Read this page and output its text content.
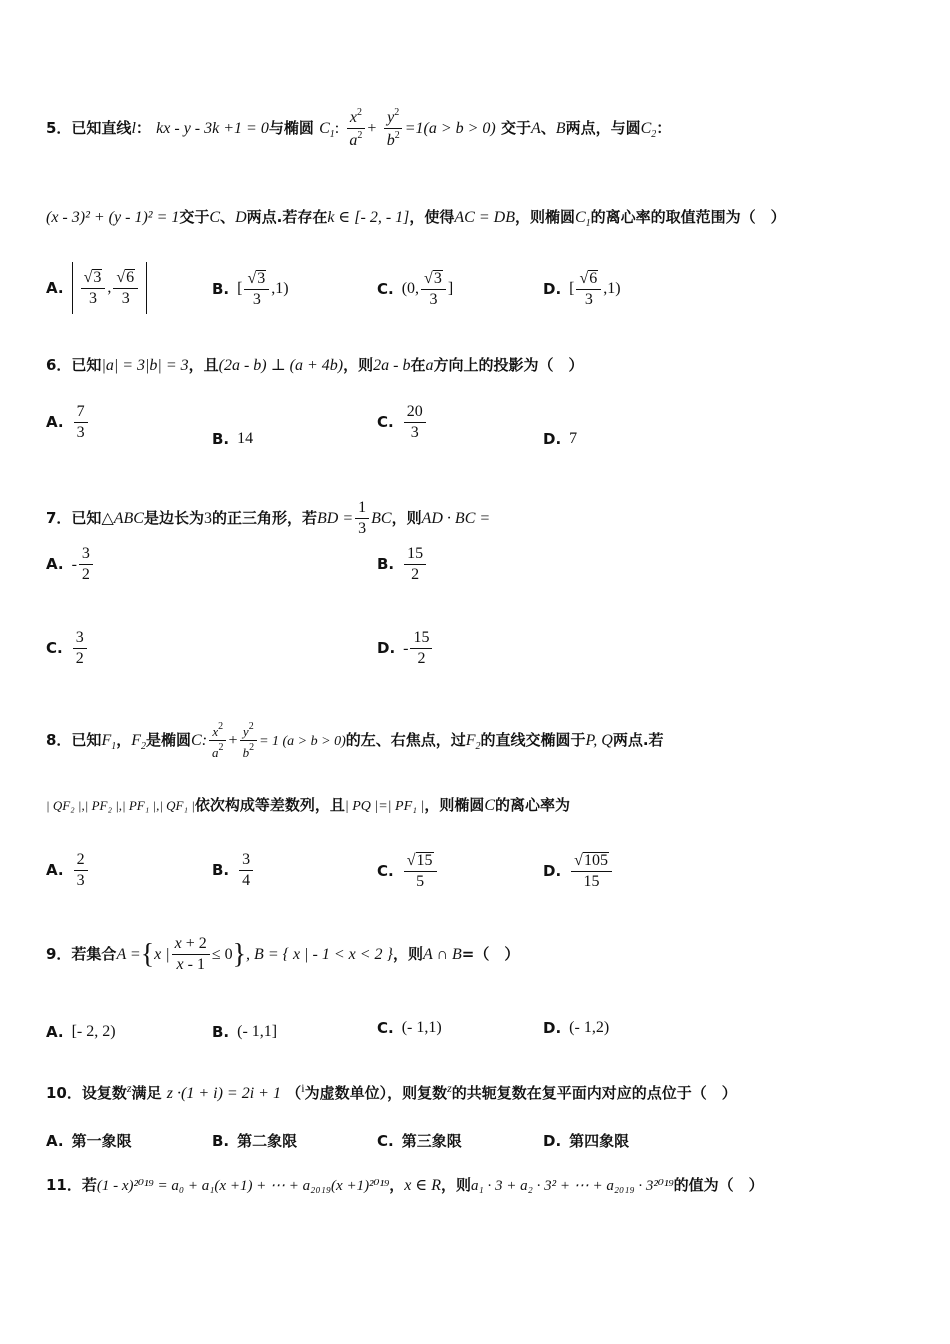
5．已知直线l： kx - y - 3k +1 = 0与椭圆 $C_1$: $\frac{x^2}{a^2} + \frac{y^2}{b^2} =1(a > b > 0)$ 交于A、B两点，与圆$C_2$：
(x - 3)² + (y - 1)² = 1交于C、D两点.若存在k ∈ [- 2, - 1]，使得AC = DB，则椭圆$C_1$的离心率的取值范围为（　）
A. $\frac{√3}{3}$ , $\frac{√6}{3}$	B. [ $\frac{√3}{3} ,1$)	C. (0, $\frac{√3}{3}$ ]	D. [ $\frac{√6}{3} ,1$)
6．已知|a| = 3|b| = 3，且(2a - b) ⊥ (a + 4b)，则2a - b在a方向上的投影为（　）
A. $\frac{7}{3}$	B. 14
C. $\frac{20}{3}$	D. 7
7．已知△ABC是边长为3的正三角形，若BD = $\frac{1}{3}$ BC，则AD · BC =
A. - $\frac{3}{2}$	B. $\frac{15}{2}$
C. $\frac{3}{2}$	D. - $\frac{15}{2}$
8．已知$F_1$，$F_2$是椭圆C: $\frac{x^2}{a^2} + \frac{y^2}{b^2} = 1$ (a > b > 0)的左、右焦点，过$F_2$的直线交椭圆于P, Q两点.若
| QF₂ |,| PF₂ |,| PF₁ |,| QF₁ |依次构成等差数列，且| PQ |=| PF₁ |，则椭圆C的离心率为
A. $\frac{2}{3}$	B. $\frac{3}{4}$	C. $\frac{√15}{5}$	D. $\frac{√105}{15}$
9．若集合 A = { x | $\frac{x + 2}{x - 1} \le 0$ } , B = { x | - 1 < x < 2 } ，则 A ∩ B =（　）
A. [- 2, 2)	B. (- 1,1]	C. (- 1,1)	D. (- 1,2)
10．设复数$^z$满足 z ·(1 + i) = 2i + 1 （$^i$为虚数单位），则复数$^z$的共轭复数在复平面内对应的点位于（　）
A. 第一象限	B. 第二象限	C. 第三象限	D. 第四象限
11．若(1 - x)²⁰¹⁹ = a₀ + a₁(x +1) + ⋯ + a₂₀₁₉(x +1)²⁰¹⁹，x ∈ R，则a₁ · 3 + a₂ · 3² + ⋯ + a₂₀₁₉ · 3²⁰¹⁹的值为（　）
